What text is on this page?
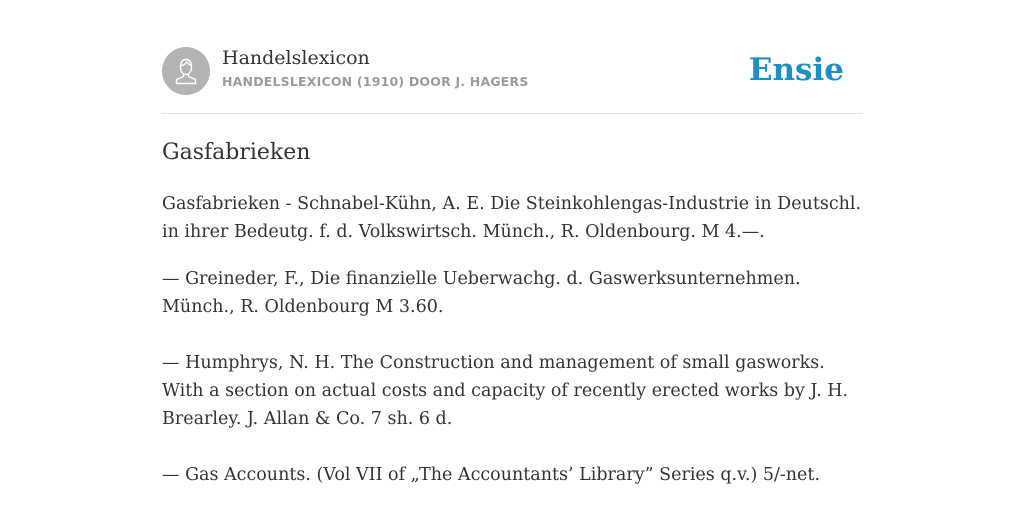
Handelslexicon
HANDELSLEXICON (1910) DOOR J. HAGERS	Ensie
Gasfabrieken

Gasfabrieken - Schnabel-Kühn, A. E. Die Steinkohlengas-Industrie in Deutschl. in ihrer Bedeutg. f. d. Volkswirtsch. Münch., R. Oldenbourg. M 4.—.

— Greineder, F., Die finanzielle Ueberwachg. d. Gaswerksunternehmen. Münch., R. Oldenbourg M 3.60.

— Humphrys, N. H. The Construction and management of small gasworks. With a section on actual costs and capacity of recently erected works by J. H. Brearley. J. Allan & Co. 7 sh. 6 d.

— Gas Accounts. (Vol VII of „The Accountants’ Library” Series q.v.) 5/-net.
